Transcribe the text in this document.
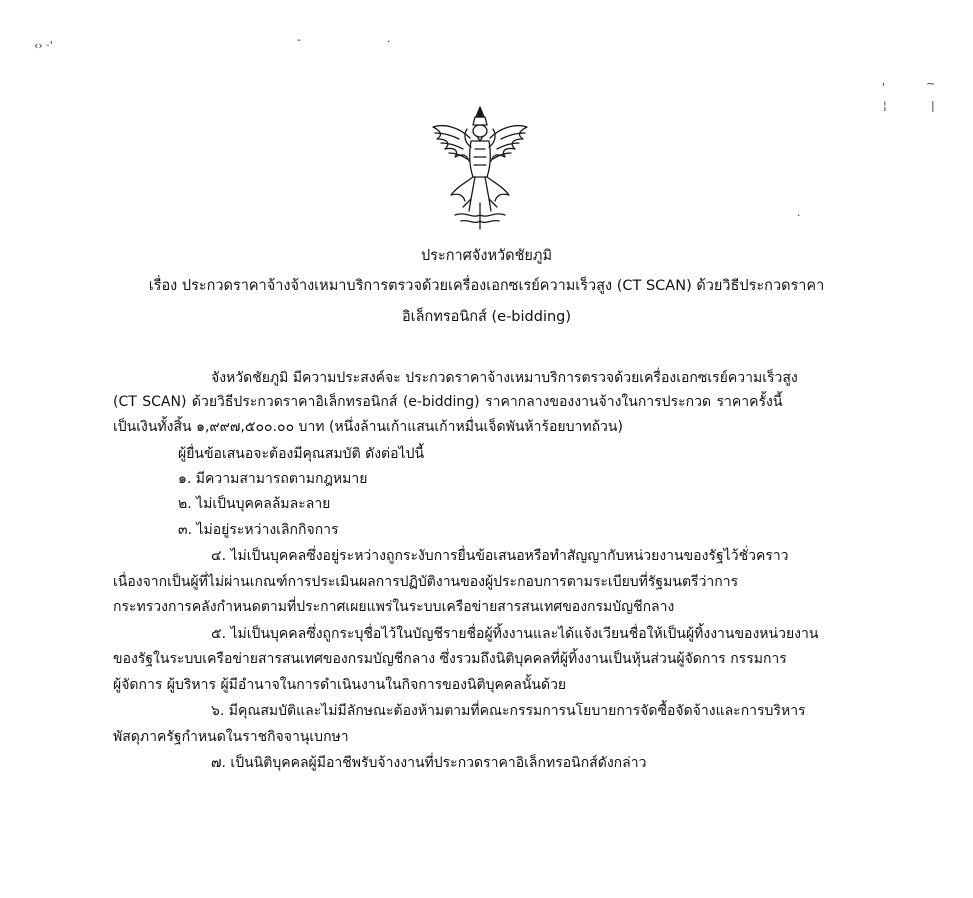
‹› ·'	-	·
'	~
¦	|
·
ประกาศจังหวัดชัยภูมิ
เรื่อง ประกวดราคาจ้างจ้างเหมาบริการตรวจด้วยเครื่องเอกซเรย์ความเร็วสูง (CT SCAN) ด้วยวิธีประกวดราคา
อิเล็กทรอนิกส์ (e-bidding)
จังหวัดชัยภูมิ มีความประสงค์จะ ประกวดราคาจ้างเหมาบริการตรวจด้วยเครื่องเอกซเรย์ความเร็วสูง
(CT SCAN) ด้วยวิธีประกวดราคาอิเล็กทรอนิกส์ (e-bidding) ราคากลางของงานจ้างในการประกวด ราคาครั้งนี้
เป็นเงินทั้งสิ้น ๑,๙๙๗,๕๐๐.๐๐ บาท (หนึ่งล้านเก้าแสนเก้าหมื่นเจ็ดพันห้าร้อยบาทถ้วน)
ผู้ยื่นข้อเสนอจะต้องมีคุณสมบัติ ดังต่อไปนี้
๑. มีความสามารถตามกฎหมาย
๒. ไม่เป็นบุคคลล้มละลาย
๓. ไม่อยู่ระหว่างเลิกกิจการ
๔. ไม่เป็นบุคคลซึ่งอยู่ระหว่างถูกระงับการยื่นข้อเสนอหรือทำสัญญากับหน่วยงานของรัฐไว้ชั่วคราว
เนื่องจากเป็นผู้ที่ไม่ผ่านเกณฑ์การประเมินผลการปฏิบัติงานของผู้ประกอบการตามระเบียบที่รัฐมนตรีว่าการ
กระทรวงการคลังกำหนดตามที่ประกาศเผยแพร่ในระบบเครือข่ายสารสนเทศของกรมบัญชีกลาง
๕. ไม่เป็นบุคคลซึ่งถูกระบุชื่อไว้ในบัญชีรายชื่อผู้ทิ้งงานและได้แจ้งเวียนชื่อให้เป็นผู้ทิ้งงานของหน่วยงาน
ของรัฐในระบบเครือข่ายสารสนเทศของกรมบัญชีกลาง ซึ่งรวมถึงนิติบุคคลที่ผู้ทิ้งงานเป็นหุ้นส่วนผู้จัดการ กรรมการ
ผู้จัดการ ผู้บริหาร ผู้มีอำนาจในการดำเนินงานในกิจการของนิติบุคคลนั้นด้วย
๖. มีคุณสมบัติและไม่มีลักษณะต้องห้ามตามที่คณะกรรมการนโยบายการจัดซื้อจัดจ้างและการบริหาร
พัสดุภาครัฐกำหนดในราชกิจจานุเบกษา
๗. เป็นนิติบุคคลผู้มีอาชีพรับจ้างงานที่ประกวดราคาอิเล็กทรอนิกส์ดังกล่าว
